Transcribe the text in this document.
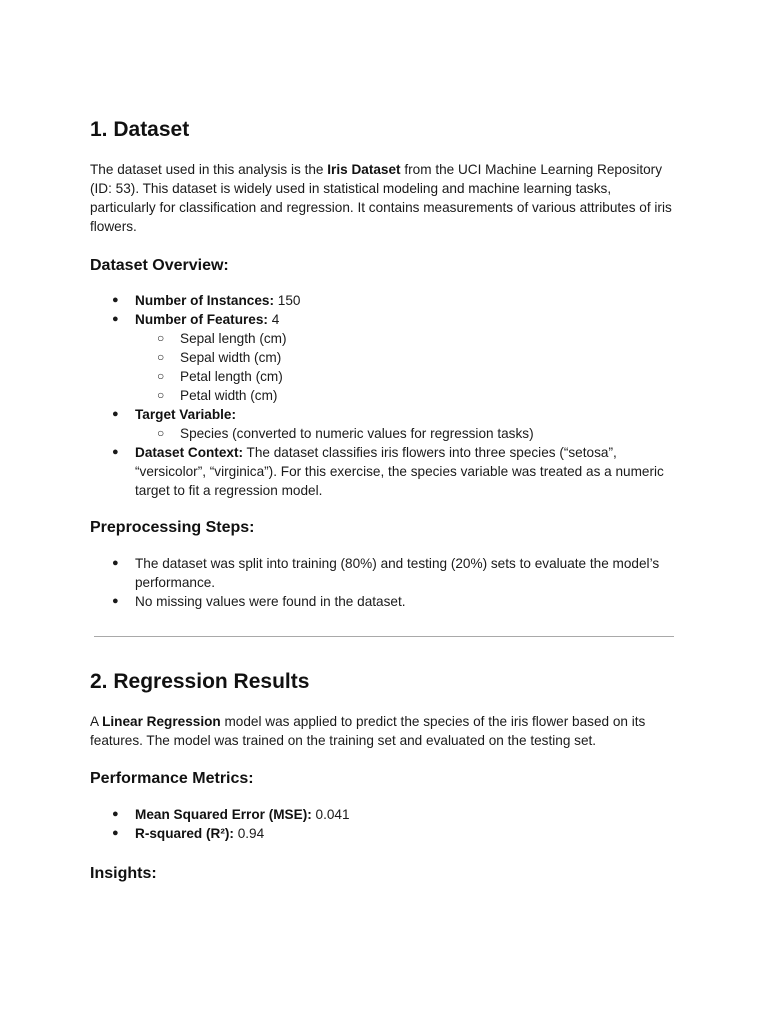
1. Dataset

The dataset used in this analysis is the Iris Dataset from the UCI Machine Learning Repository (ID: 53). This dataset is widely used in statistical modeling and machine learning tasks, particularly for classification and regression. It contains measurements of various attributes of iris flowers.

Dataset Overview:
● Number of Instances: 150
● Number of Features: 4
○ Sepal length (cm)
○ Sepal width (cm)
○ Petal length (cm)
○ Petal width (cm)
● Target Variable:
○ Species (converted to numeric values for regression tasks)
● Dataset Context: The dataset classifies iris flowers into three species (“setosa”, “versicolor”, “virginica”). For this exercise, the species variable was treated as a numeric target to fit a regression model.
Preprocessing Steps:
● The dataset was split into training (80%) and testing (20%) sets to evaluate the model’s performance.
● No missing values were found in the dataset.
2. Regression Results

A Linear Regression model was applied to predict the species of the iris flower based on its features. The model was trained on the training set and evaluated on the testing set.

Performance Metrics:
● Mean Squared Error (MSE): 0.041
● R-squared (R²): 0.94
Insights:
